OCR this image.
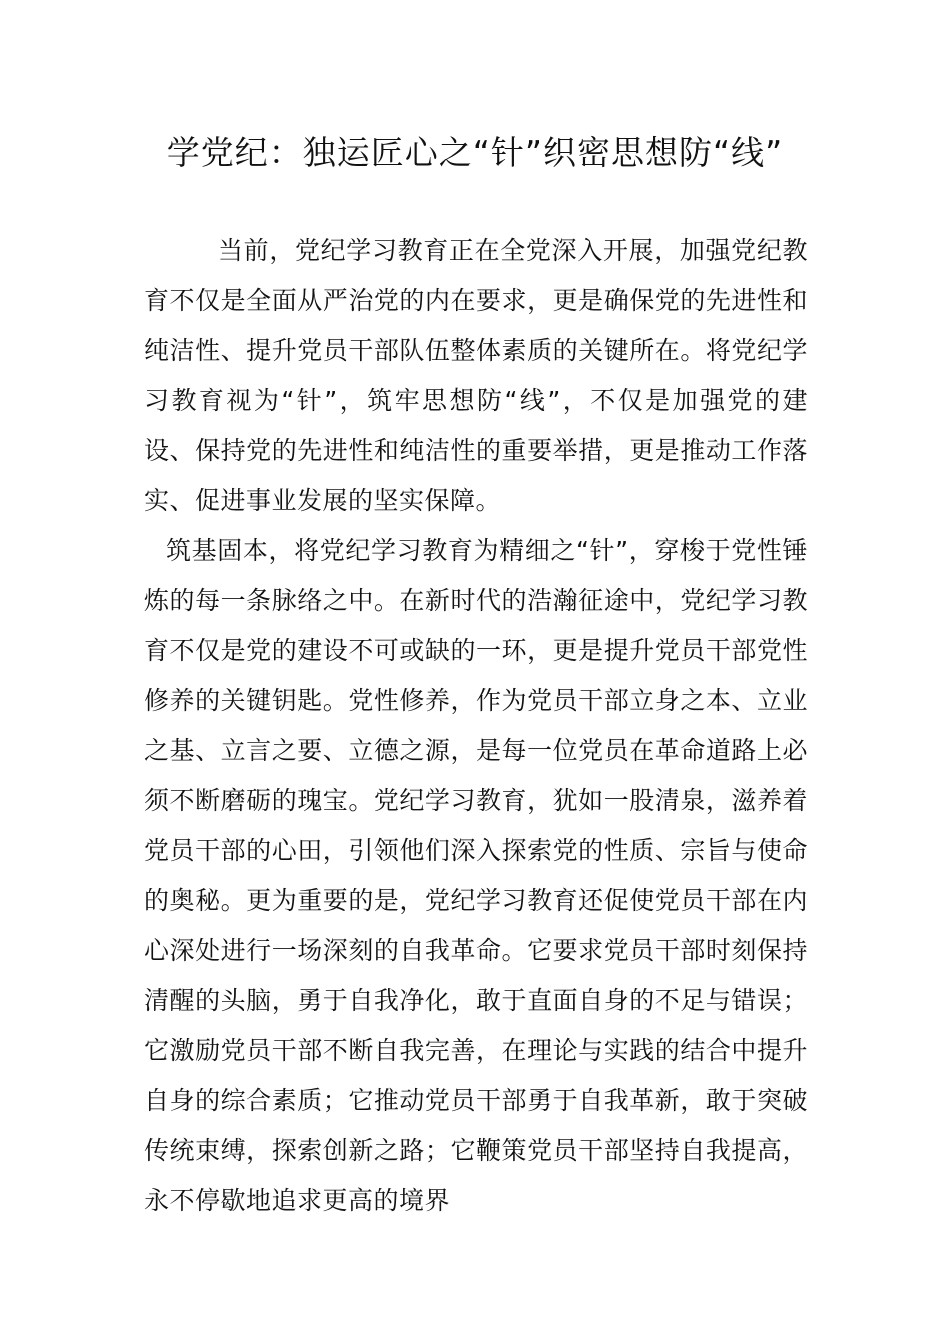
学党纪：独运匠心之“针”织密思想防“线”

当前，党纪学习教育正在全党深入开展，加强党纪教育不仅是全面从严治党的内在要求，更是确保党的先进性和纯洁性、提升党员干部队伍整体素质的关键所在。将党纪学习教育视为“针”，筑牢思想防“线”，不仅是加强党的建设、保持党的先进性和纯洁性的重要举措，更是推动工作落实、促进事业发展的坚实保障。

筑基固本，将党纪学习教育为精细之“针”，穿梭于党性锤炼的每一条脉络之中。在新时代的浩瀚征途中，党纪学习教育不仅是党的建设不可或缺的一环，更是提升党员干部党性修养的关键钥匙。党性修养，作为党员干部立身之本、立业之基、立言之要、立德之源，是每一位党员在革命道路上必须不断磨砺的瑰宝。党纪学习教育，犹如一股清泉，滋养着党员干部的心田，引领他们深入探索党的性质、宗旨与使命的奥秘。更为重要的是，党纪学习教育还促使党员干部在内心深处进行一场深刻的自我革命。它要求党员干部时刻保持清醒的头脑，勇于自我净化，敢于直面自身的不足与错误；它激励党员干部不断自我完善，在理论与实践的结合中提升自身的综合素质；它推动党员干部勇于自我革新，敢于突破传统束缚，探索创新之路；它鞭策党员干部坚持自我提高，永不停歇地追求更高的境界
